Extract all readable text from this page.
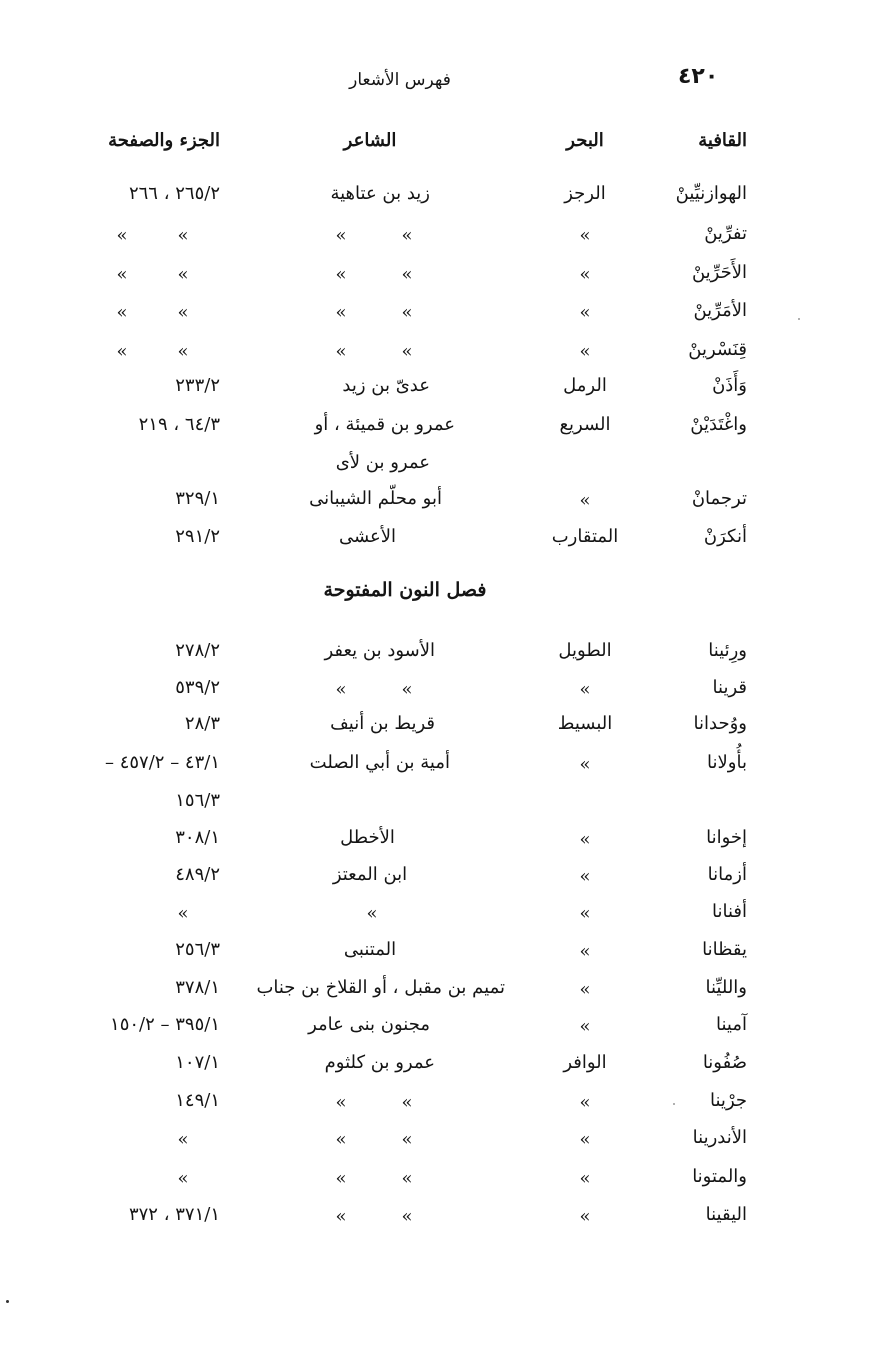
٤٢٠
فهرس الأشعار
القافية
البحر
الشاعر
الجزء والصفحة
الهوازنيِّينْ
الرجز
زيد بن عتاهية
٢٦٥/٢ ، ٢٦٦
تفرِّينْ
»
»
»
»
»
الأَحَرِّينْ
»
»
»
»
»
الأمَرِّينْ
»
»
»
»
»
قِنَسْرينْ
»
»
»
»
»
وَأَذَنْ
الرمل
عدىّ بن زيد
٢٣٣/٢
واغْتَدَيْنْ
السريع
عمرو بن قميئة ، أو
عمرو بن لأى
٦٤/٣ ، ٢١٩
ترجمانْ
»
أبو محلّم الشيبانى
٣٢٩/١
أنكرَنْ
المتقارب
الأعشى
٢٩١/٢
فصل النون المفتوحة
ورِئينا
الطويل
الأسود بن يعفر
٢٧٨/٢
قرينا
»
»
»
٥٣٩/٢
ووُحدانا
البسيط
قريط بن أنيف
٢٨/٣
بأُولانا
»
أمية بن أبي الصلت
٤٣/١ – ٤٥٧/٢ –
١٥٦/٣
إخوانا
»
الأخطل
٣٠٨/١
أزمانا
»
ابن المعتز
٤٨٩/٢
أفنانا
»
»
»
يقظانا
»
المتنبى
٢٥٦/٣
والليِّنا
»
تميم بن مقبل ، أو القلاخ بن جناب
٣٧٨/١
آمينا
»
مجنون بنى عامر
٣٩٥/١ – ١٥٠/٢
صُفُونا
الوافر
عمرو بن كلثوم
١٠٧/١
جرْينا
»
»
»
١٤٩/١
الأندرينا
»
»
»
»
والمتونا
»
»
»
»
اليقينا
»
»
»
٣٧١/١ ، ٣٧٢
